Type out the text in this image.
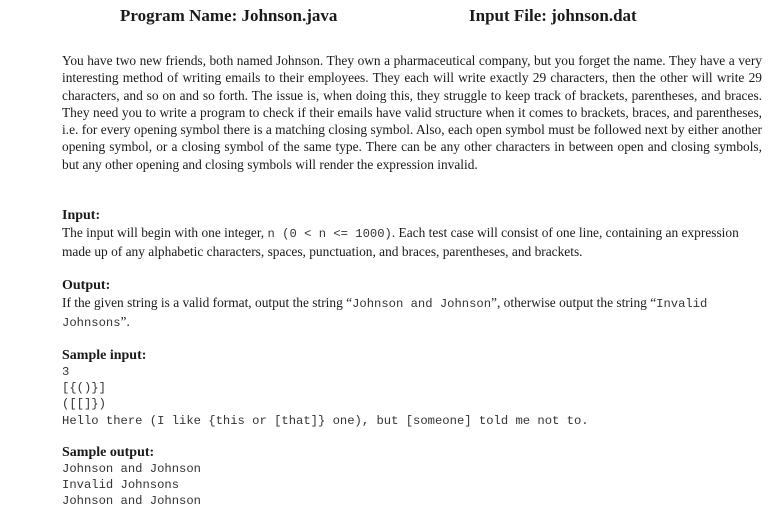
Program Name: Johnson.java	Input File: johnson.dat

You have two new friends, both named Johnson. They own a pharmaceutical company, but you forget the name. They have a very interesting method of writing emails to their employees. They each will write exactly 29 characters, then the other will write 29 characters, and so on and so forth. The issue is, when doing this, they struggle to keep track of brackets, parentheses, and braces. They need you to write a program to check if their emails have valid structure when it comes to brackets, braces, and parentheses, i.e. for every opening symbol there is a matching closing symbol. Also, each open symbol must be followed next by either another opening symbol, or a closing symbol of the same type. There can be any other characters in between open and closing symbols, but any other opening and closing symbols will render the expression invalid.

Input:
The input will begin with one integer, n (0 < n <= 1000). Each test case will consist of one line, containing an expression made up of any alphabetic characters, spaces, punctuation, and braces, parentheses, and brackets.
Output:
If the given string is a valid format, output the string “Johnson and Johnson”, otherwise output the string “Invalid Johnsons”.
Sample input:
3
[{()}]
([[]})
Hello there (I like {this or [that]} one), but [someone] told me not to.
Sample output:
Johnson and Johnson
Invalid Johnsons
Johnson and Johnson
